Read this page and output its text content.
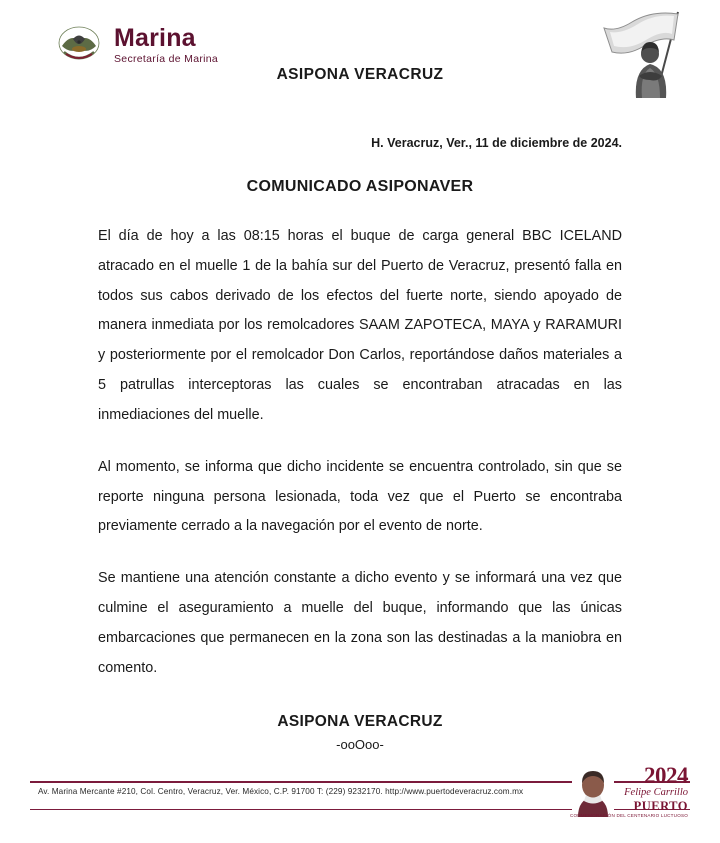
Marina
Secretaría de Marina
ASIPONA VERACRUZ
H. Veracruz, Ver., 11 de diciembre de 2024.
COMUNICADO ASIPONAVER

El día de hoy a las 08:15 horas el buque de carga general BBC ICELAND atracado en el muelle 1 de la bahía sur del Puerto de Veracruz, presentó falla en todos sus cabos derivado de los efectos del fuerte norte, siendo apoyado de manera inmediata por los remolcadores SAAM ZAPOTECA, MAYA y RARAMURI y posteriormente por el remolcador Don Carlos, reportándose daños materiales a 5 patrullas interceptoras las cuales se encontraban atracadas en las inmediaciones del muelle.

Al momento, se informa que dicho incidente se encuentra controlado, sin que se reporte ninguna persona lesionada, toda vez que el Puerto se encontraba previamente cerrado a la navegación por el evento de norte.

Se mantiene una atención constante a dicho evento y se informará una vez que culmine el aseguramiento a muelle del buque, informando que las únicas embarcaciones que permanecen en la zona son las destinadas a la maniobra en comento.

ASIPONA VERACRUZ
-ooOoo-
Av. Marina Mercante #210, Col. Centro, Veracruz, Ver. México, C.P. 91700 T: (229) 9232170. http://www.puertodeveracruz.com.mx
2024
Felipe Carrillo
PUERTO
CONMEMORACIÓN DEL CENTENARIO LUCTUOSO
